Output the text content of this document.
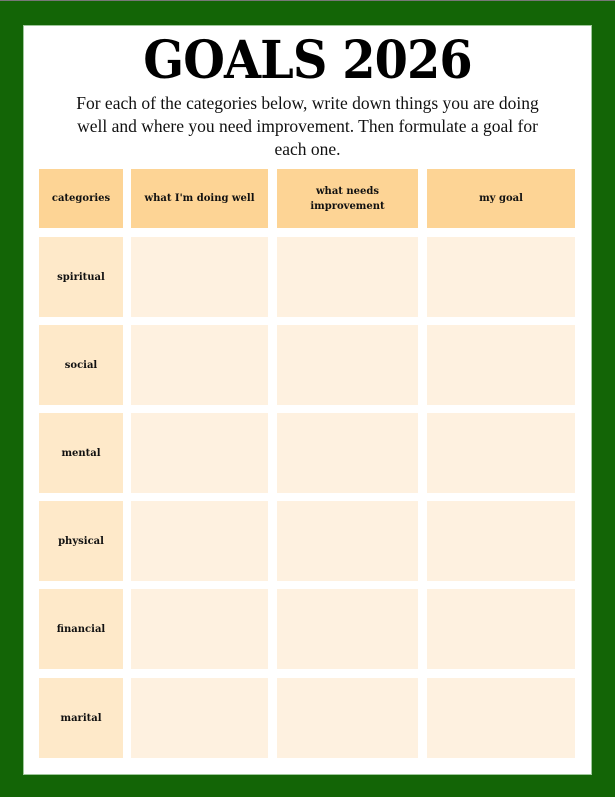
GOALS 2026
For each of the categories below, write down things you are doing well and where you need improvement. Then formulate a goal for each one.
categories	what I'm doing well
what needs improvement
my goal
spiritual
social
mental
physical
financial
marital
